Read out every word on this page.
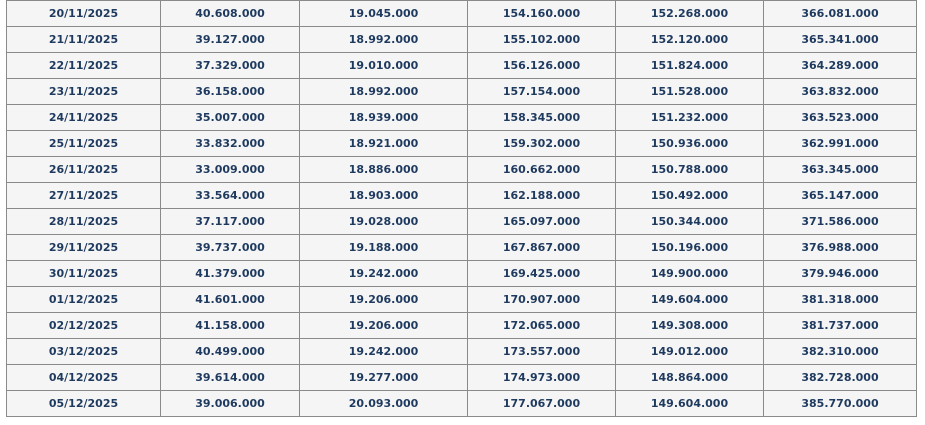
20/11/2025	40.608.000	19.045.000	154.160.000	152.268.000	366.081.000
21/11/2025	39.127.000	18.992.000	155.102.000	152.120.000	365.341.000
22/11/2025	37.329.000	19.010.000	156.126.000	151.824.000	364.289.000
23/11/2025	36.158.000	18.992.000	157.154.000	151.528.000	363.832.000
24/11/2025	35.007.000	18.939.000	158.345.000	151.232.000	363.523.000
25/11/2025	33.832.000	18.921.000	159.302.000	150.936.000	362.991.000
26/11/2025	33.009.000	18.886.000	160.662.000	150.788.000	363.345.000
27/11/2025	33.564.000	18.903.000	162.188.000	150.492.000	365.147.000
28/11/2025	37.117.000	19.028.000	165.097.000	150.344.000	371.586.000
29/11/2025	39.737.000	19.188.000	167.867.000	150.196.000	376.988.000
30/11/2025	41.379.000	19.242.000	169.425.000	149.900.000	379.946.000
01/12/2025	41.601.000	19.206.000	170.907.000	149.604.000	381.318.000
02/12/2025	41.158.000	19.206.000	172.065.000	149.308.000	381.737.000
03/12/2025	40.499.000	19.242.000	173.557.000	149.012.000	382.310.000
04/12/2025	39.614.000	19.277.000	174.973.000	148.864.000	382.728.000
05/12/2025	39.006.000	20.093.000	177.067.000	149.604.000	385.770.000
